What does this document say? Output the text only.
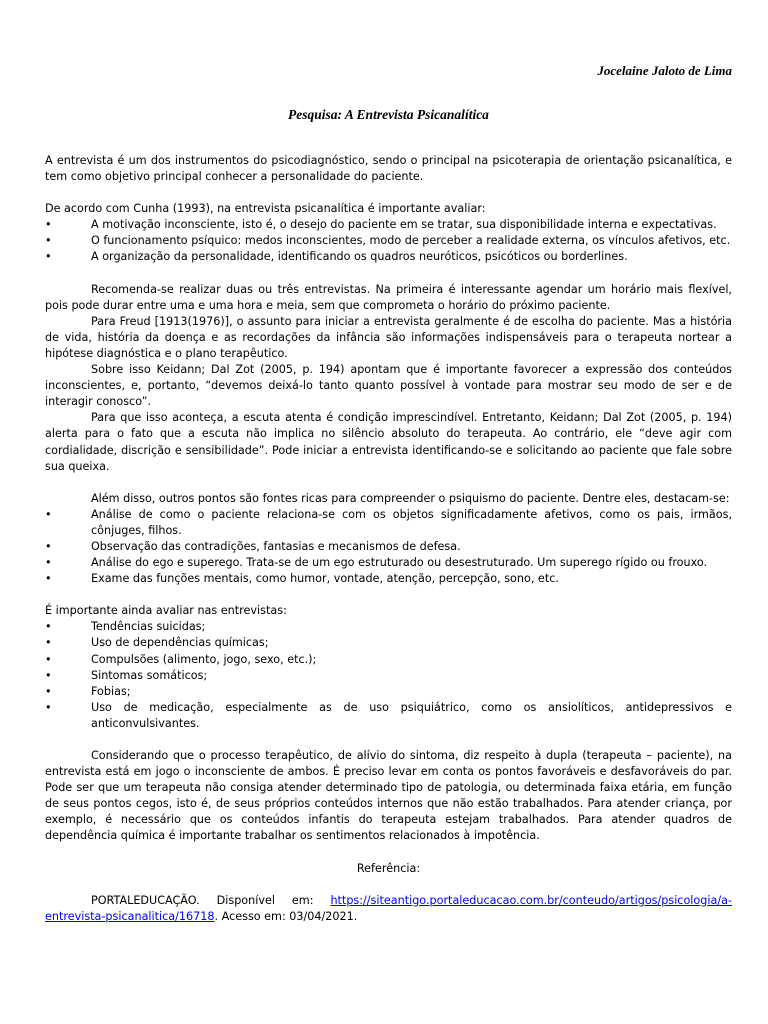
Jocelaine Jaloto de Lima
Pesquisa: A Entrevista Psicanalítica

A entrevista é um dos instrumentos do psicodiagnóstico, sendo o principal na psicoterapia de orientação psicanalítica, e tem como objetivo principal conhecer a personalidade do paciente.

De acordo com Cunha (1993), na entrevista psicanalítica é importante avaliar:

•	A motivação inconsciente, isto é, o desejo do paciente em se tratar, sua disponibilidade interna e expectativas.
•	O funcionamento psíquico: medos inconscientes, modo de perceber a realidade externa, os vínculos afetivos, etc.
•	A organização da personalidade, identificando os quadros neuróticos, psicóticos ou borderlines.

Recomenda-se realizar duas ou três entrevistas. Na primeira é interessante agendar um horário mais flexível, pois pode durar entre uma e uma hora e meia, sem que comprometa o horário do próximo paciente.

Para Freud [1913(1976)], o assunto para iniciar a entrevista geralmente é de escolha do paciente. Mas a história de vida, história da doença e as recordações da infância são informações indispensáveis para o terapeuta nortear a hipótese diagnóstica e o plano terapêutico.

Sobre isso Keidann; Dal Zot (2005, p. 194) apontam que é importante favorecer a expressão dos conteúdos inconscientes, e, portanto, “devemos deixá-lo tanto quanto possível à vontade para mostrar seu modo de ser e de interagir conosco”.

Para que isso aconteça, a escuta atenta é condição imprescindível. Entretanto, Keidann; Dal Zot (2005, p. 194) alerta para o fato que a escuta não implica no silêncio absoluto do terapeuta. Ao contrário, ele “deve agir com cordialidade, discrição e sensibilidade”. Pode iniciar a entrevista identificando-se e solicitando ao paciente que fale sobre sua queixa.

Além disso, outros pontos são fontes ricas para compreender o psiquismo do paciente. Dentre eles, destacam-se:

•	Análise de como o paciente relaciona-se com os objetos significadamente afetivos, como os pais, irmãos, cônjuges, filhos.
•	Observação das contradições, fantasias e mecanismos de defesa.
•	Análise do ego e superego. Trata-se de um ego estruturado ou desestruturado. Um superego rígido ou frouxo.
•	Exame das funções mentais, como humor, vontade, atenção, percepção, sono, etc.

É importante ainda avaliar nas entrevistas:

•	Tendências suicidas;
•	Uso de dependências químicas;
•	Compulsões (alimento, jogo, sexo, etc.);
•	Sintomas somáticos;
•	Fobias;
•	Uso de medicação, especialmente as de uso psiquiátrico, como os ansiolíticos, antidepressivos e anticonvulsivantes.

Considerando que o processo terapêutico, de alívio do sintoma, diz respeito à dupla (terapeuta – paciente), na entrevista está em jogo o inconsciente de ambos. É preciso levar em conta os pontos favoráveis e desfavoráveis do par. Pode ser que um terapeuta não consiga atender determinado tipo de patologia, ou determinada faixa etária, em função de seus pontos cegos, isto é, de seus próprios conteúdos internos que não estão trabalhados. Para atender criança, por exemplo, é necessário que os conteúdos infantis do terapeuta estejam trabalhados. Para atender quadros de dependência química é importante trabalhar os sentimentos relacionados à impotência.

Referência:

PORTALEDUCAÇÃO. Disponível em: https://siteantigo.portaleducacao.com.br/conteudo/artigos/psicologia/a-entrevista-psicanalitica/16718. Acesso em: 03/04/2021.
